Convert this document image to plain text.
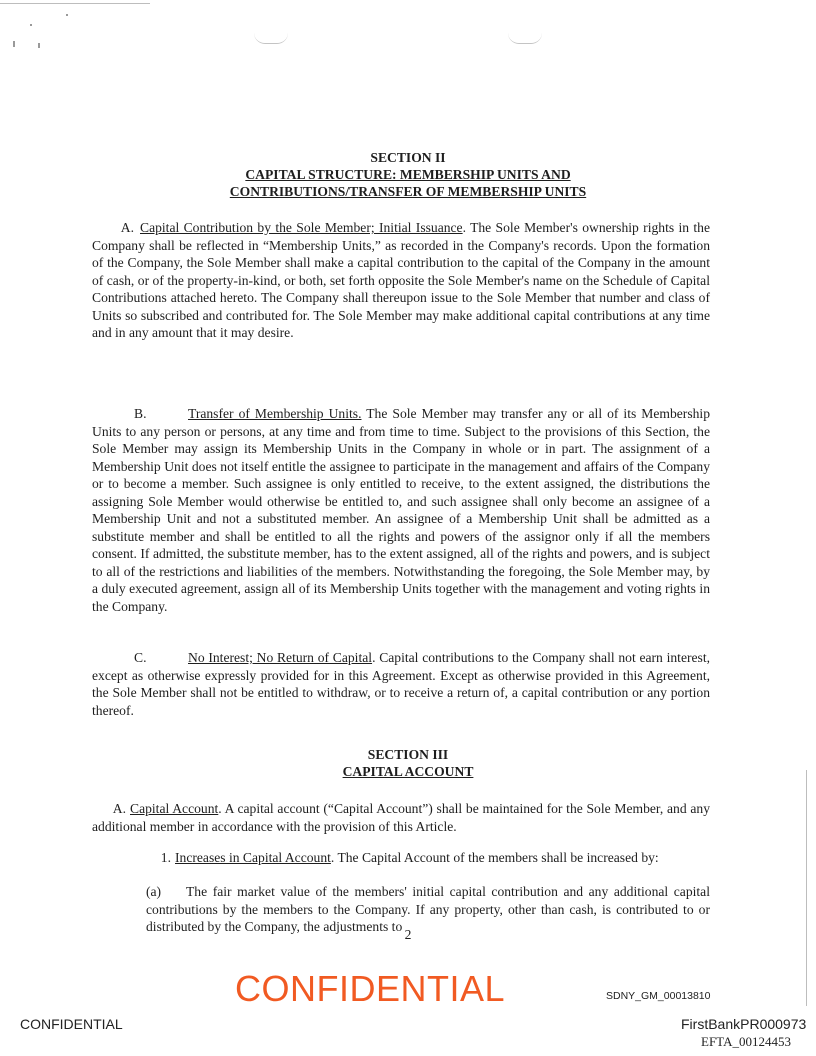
SECTION II
CAPITAL STRUCTURE: MEMBERSHIP UNITS AND
CONTRIBUTIONS/TRANSFER OF MEMBERSHIP UNITS
A. Capital Contribution by the Sole Member; Initial Issuance. The Sole Member's ownership rights in the Company shall be reflected in “Membership Units,” as recorded in the Company's records. Upon the formation of the Company, the Sole Member shall make a capital contribution to the capital of the Company in the amount of cash, or of the property-in-kind, or both, set forth opposite the Sole Member's name on the Schedule of Capital Contributions attached hereto. The Company shall thereupon issue to the Sole Member that number and class of Units so subscribed and contributed for. The Sole Member may make additional capital contributions at any time and in any amount that it may desire.
B.	Transfer of Membership Units. The Sole Member may transfer any or all of its Membership Units to any person or persons, at any time and from time to time. Subject to the provisions of this Section, the Sole Member may assign its Membership Units in the Company in whole or in part. The assignment of a Membership Unit does not itself entitle the assignee to participate in the management and affairs of the Company or to become a member. Such assignee is only entitled to receive, to the extent assigned, the distributions the assigning Sole Member would otherwise be entitled to, and such assignee shall only become an assignee of a Membership Unit and not a substituted member. An assignee of a Membership Unit shall be admitted as a substitute member and shall be entitled to all the rights and powers of the assignor only if all the members consent. If admitted, the substitute member, has to the extent assigned, all of the rights and powers, and is subject to all of the restrictions and liabilities of the members. Notwithstanding the foregoing, the Sole Member may, by a duly executed agreement, assign all of its Membership Units together with the management and voting rights in the Company.
C.	No Interest; No Return of Capital. Capital contributions to the Company shall not earn interest, except as otherwise expressly provided for in this Agreement. Except as otherwise provided in this Agreement, the Sole Member shall not be entitled to withdraw, or to receive a return of, a capital contribution or any portion thereof.
SECTION III
CAPITAL ACCOUNT
A. Capital Account. A capital account (“Capital Account”) shall be maintained for the Sole Member, and any additional member in accordance with the provision of this Article.
1. Increases in Capital Account. The Capital Account of the members shall be increased by:
(a) The fair market value of the members' initial capital contribution and any additional capital contributions by the members to the Company. If any property, other than cash, is contributed to or distributed by the Company, the adjustments to
2
CONFIDENTIAL	SDNY_GM_00013810
CONFIDENTIAL	FirstBankPR000973
EFTA_00124453
